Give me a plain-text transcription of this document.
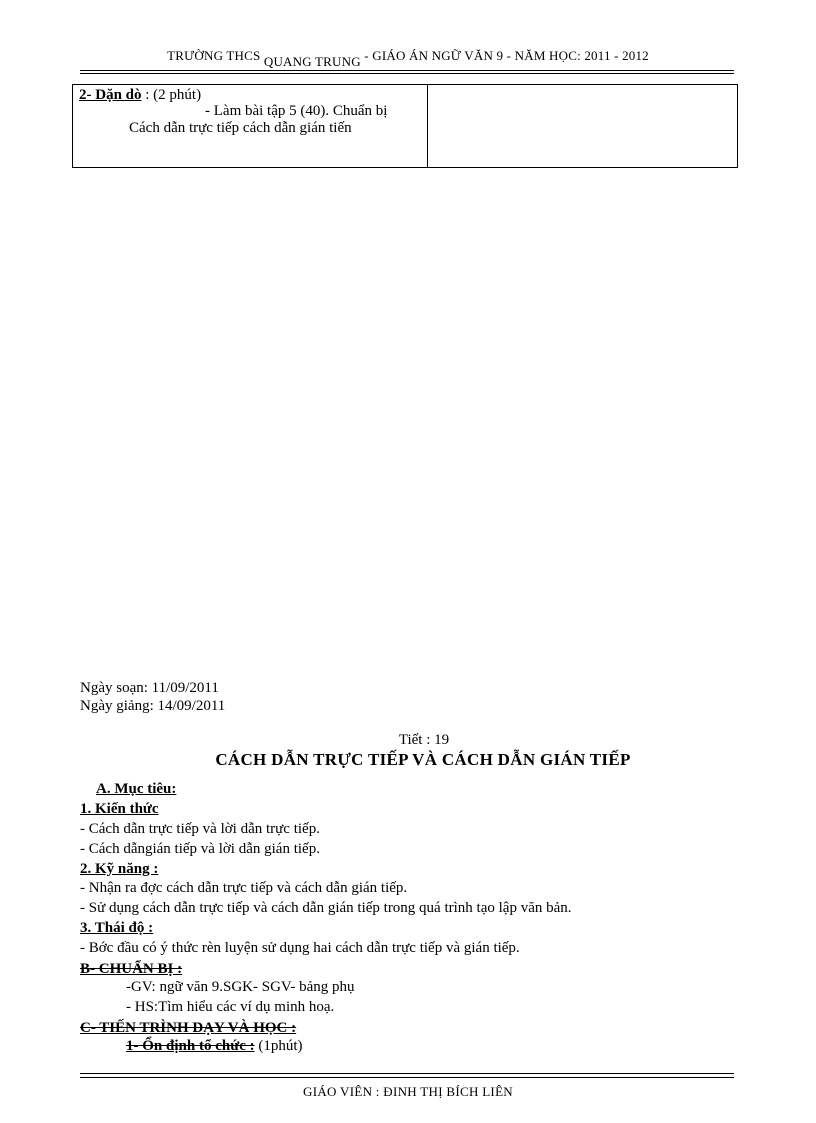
TRƯỜNG THCS QUANG TRUNG - GIÁO ÁN NGỮ VĂN 9 - NĂM HỌC: 2011 - 2012
2- Dặn dò : (2 phút)
- Làm bài tập 5 (40). Chuẩn bị
Cách dẫn trực tiếp cách dẫn gián tiến
Ngày soạn: 11/09/2011
Ngày giảng: 14/09/2011
Tiết : 19
CÁCH DẪN TRỰC TIẾP VÀ CÁCH DẪN GIÁN TIẾP
A. Mục tiêu:
1. Kiến thức
- Cách dẫn trực tiếp và lời dẫn trực tiếp.
- Cách dẫngián tiếp và lời dẫn gián tiếp.
2. Kỹ năng :
- Nhận ra đợc cách dẫn trực tiếp và cách dẫn gián tiếp.
- Sử dụng cách dẫn trực tiếp và cách dẫn gián tiếp trong quá trình tạo lập văn bản.
3. Thái độ :
- Bớc đầu có ý thức rèn luyện sử dụng hai cách dẫn trực tiếp và gián tiếp.
B- CHUẨN BỊ :
-GV: ngữ văn 9.SGK- SGV- bảng phụ
- HS:Tìm hiểu các ví dụ minh hoạ.
C- TIẾN TRÌNH DẠY VÀ HỌC :
1- Ổn định tổ chức : (1phút)
GIÁO VIÊN : ĐINH THỊ BÍCH LIÊN
